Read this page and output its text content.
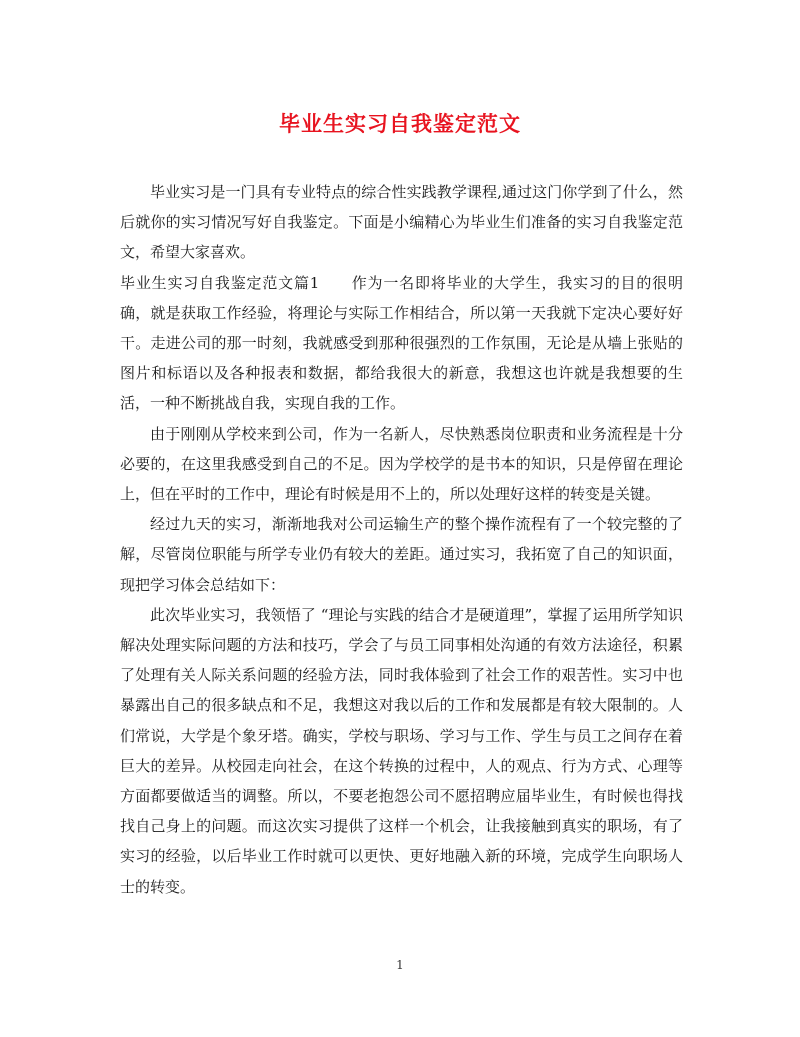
毕业生实习自我鉴定范文

毕业实习是一门具有专业特点的综合性实践教学课程,通过这门你学到了什么，然后就你的实习情况写好自我鉴定。下面是小编精心为毕业生们准备的实习自我鉴定范文，希望大家喜欢。

毕业生实习自我鉴定范文篇1　　作为一名即将毕业的大学生，我实习的目的很明确，就是获取工作经验，将理论与实际工作相结合，所以第一天我就下定决心要好好干。走进公司的那一时刻，我就感受到那种很强烈的工作氛围，无论是从墙上张贴的图片和标语以及各种报表和数据，都给我很大的新意，我想这也许就是我想要的生活，一种不断挑战自我，实现自我的工作。

由于刚刚从学校来到公司，作为一名新人，尽快熟悉岗位职责和业务流程是十分必要的，在这里我感受到自己的不足。因为学校学的是书本的知识，只是停留在理论上，但在平时的工作中，理论有时候是用不上的，所以处理好这样的转变是关键。

经过九天的实习，渐渐地我对公司运输生产的整个操作流程有了一个较完整的了解，尽管岗位职能与所学专业仍有较大的差距。通过实习，我拓宽了自己的知识面，现把学习体会总结如下：

此次毕业实习，我领悟了 “理论与实践的结合才是硬道理”，掌握了运用所学知识解决处理实际问题的方法和技巧，学会了与员工同事相处沟通的有效方法途径，积累了处理有关人际关系问题的经验方法，同时我体验到了社会工作的艰苦性。实习中也暴露出自己的很多缺点和不足，我想这对我以后的工作和发展都是有较大限制的。人们常说，大学是个象牙塔。确实，学校与职场、学习与工作、学生与员工之间存在着巨大的差异。从校园走向社会，在这个转换的过程中，人的观点、行为方式、心理等方面都要做适当的调整。所以，不要老抱怨公司不愿招聘应届毕业生，有时候也得找找自己身上的问题。而这次实习提供了这样一个机会，让我接触到真实的职场，有了实习的经验，以后毕业工作时就可以更快、更好地融入新的环境，完成学生向职场人士的转变。

1
